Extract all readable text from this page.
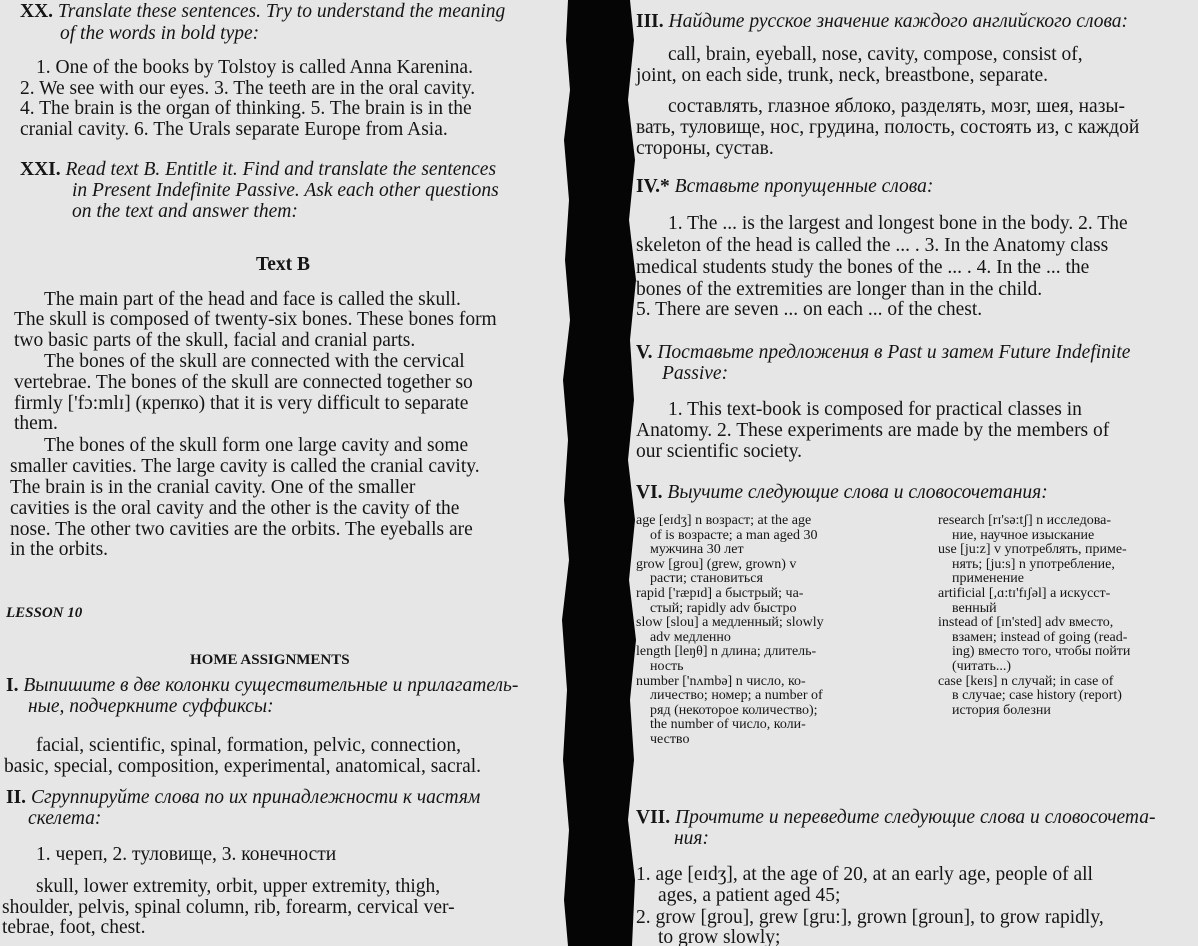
XX. Translate these sentences. Try to understand the meaning

of the words in bold type:

1. One of the books by Tolstoy is called Anna Karenina.

2. We see with our eyes. 3. The teeth are in the oral cavity.

4. The brain is the organ of thinking. 5. The brain is in the

cranial cavity. 6. The Urals separate Europe from Asia.

XXI. Read text B. Entitle it. Find and translate the sentences

in Present Indefinite Passive. Ask each other questions

on the text and answer them:

Text B

The main part of the head and face is called the skull.

The skull is composed of twenty-six bones. These bones form

two basic parts of the skull, facial and cranial parts.

The bones of the skull are connected with the cervical

vertebrae. The bones of the skull are connected together so

firmly ['fɔ:mlɪ] (крепко) that it is very difficult to separate

them.

The bones of the skull form one large cavity and some

smaller cavities. The large cavity is called the cranial cavity.

The brain is in the cranial cavity. One of the smaller

cavities is the oral cavity and the other is the cavity of the

nose. The other two cavities are the orbits. The eyeballs are

in the orbits.

LESSON 10

HOME ASSIGNMENTS

I. Выпишите в две колонки существительные и прилагатель-

ные, подчеркните суффиксы:

facial, scientific, spinal, formation, pelvic, connection,

basic, special, composition, experimental, anatomical, sacral.

II. Сгруппируйте слова по их принадлежности к частям

скелета:

1. череп, 2. туловище, 3. конечности

skull, lower extremity, orbit, upper extremity, thigh,

shoulder, pelvis, spinal column, rib, forearm, cervical ver-

tebrae, foot, chest.

III. Найдите русское значение каждого английского слова:

call, brain, eyeball, nose, cavity, compose, consist of,

joint, on each side, trunk, neck, breastbone, separate.

составлять, глазное яблоко, разделять, мозг, шея, назы-

вать, туловище, нос, грудина, полость, состоять из, с каждой

стороны, сустав.

IV.* Вставьте пропущенные слова:

1. The ... is the largest and longest bone in the body. 2. The

skeleton of the head is called the ... . 3. In the Anatomy class

medical students study the bones of the ... . 4. In the ... the

bones of the extremities are longer than in the child.

5. There are seven ... on each ... of the chest.

V. Поставьте предложения в Past и затем Future Indefinite

Passive:

1. This text-book is composed for practical classes in

Anatomy. 2. These experiments are made by the members of

our scientific society.

VI. Выучите следующие слова и словосочетания:

age [eɪdʒ] n возраст; at the age
of is возрасте; a man aged 30
мужчина 30 лет
grow [grou] (grew, grown) v
расти; становиться
rapid ['ræpɪd] a быстрый; ча-
стый; rapidly adv быстро
slow [slou] a медленный; slowly
adv медленно
length [leŋθ] n длина; длитель-
ность
number ['nʌmbə] n число, ко-
личество; номер; a number of
ряд (некоторое количество);
the number of число, коли-
чество
research [rɪ'sə:tʃ] n исследова-
ние, научное изыскание
use [ju:z] v употреблять, приме-
нять; [ju:s] n употребление,
применение
artificial [,ɑ:tɪ'fɪʃəl] a искусст-
венный
instead of [ɪn'sted] adv вместо,
взамен; instead of going (read-
ing) вместо того, чтобы пойти
(читать...)
case [keɪs] n случай; in case of
в случае; case history (report)
история болезни

VII. Прочтите и переведите следующие слова и словосочета-

ния:

1. age [eɪdʒ], at the age of 20, at an early age, people of all

ages, a patient aged 45;

2. grow [grou], grew [gru:], grown [groun], to grow rapidly,

to grow slowly;
